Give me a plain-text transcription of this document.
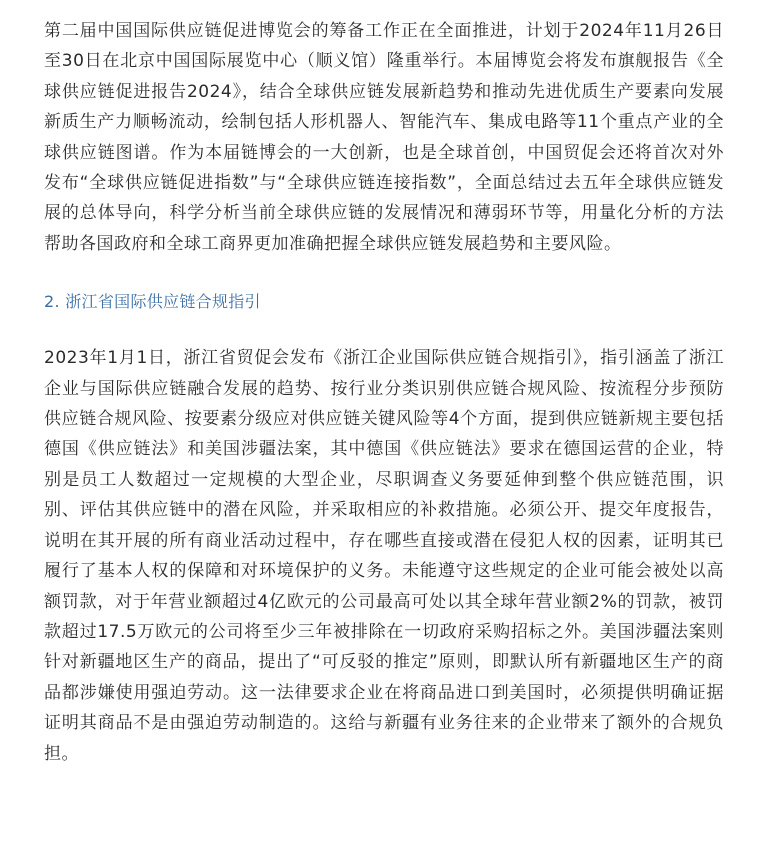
第二届中国国际供应链促进博览会的筹备工作正在全面推进，计划于2024年11月26日至30日在北京中国国际展览中心（顺义馆）隆重举行。本届博览会将发布旗舰报告《全球供应链促进报告2024》，结合全球供应链发展新趋势和推动先进优质生产要素向发展新质生产力顺畅流动，绘制包括人形机器人、智能汽车、集成电路等11个重点产业的全球供应链图谱。作为本届链博会的一大创新，也是全球首创，中国贸促会还将首次对外发布“全球供应链促进指数”与“全球供应链连接指数”，全面总结过去五年全球供应链发展的总体导向，科学分析当前全球供应链的发展情况和薄弱环节等，用量化分析的方法帮助各国政府和全球工商界更加准确把握全球供应链发展趋势和主要风险。

2. 浙江省国际供应链合规指引

2023年1月1日，浙江省贸促会发布《浙江企业国际供应链合规指引》，指引涵盖了浙江企业与国际供应链融合发展的趋势、按行业分类识别供应链合规风险、按流程分步预防供应链合规风险、按要素分级应对供应链关键风险等4个方面，提到供应链新规主要包括德国《供应链法》和美国涉疆法案，其中德国《供应链法》要求在德国运营的企业，特别是员工人数超过一定规模的大型企业，尽职调查义务要延伸到整个供应链范围，识别、评估其供应链中的潜在风险，并采取相应的补救措施。必须公开、提交年度报告，说明在其开展的所有商业活动过程中，存在哪些直接或潜在侵犯人权的因素，证明其已履行了基本人权的保障和对环境保护的义务。未能遵守这些规定的企业可能会被处以高额罚款，对于年营业额超过4亿欧元的公司最高可处以其全球年营业额2%的罚款，被罚款超过17.5万欧元的公司将至少三年被排除在一切政府采购招标之外。美国涉疆法案则针对新疆地区生产的商品，提出了“可反驳的推定”原则，即默认所有新疆地区生产的商品都涉嫌使用强迫劳动。这一法律要求企业在将商品进口到美国时，必须提供明确证据证明其商品不是由强迫劳动制造的。这给与新疆有业务往来的企业带来了额外的合规负担。
